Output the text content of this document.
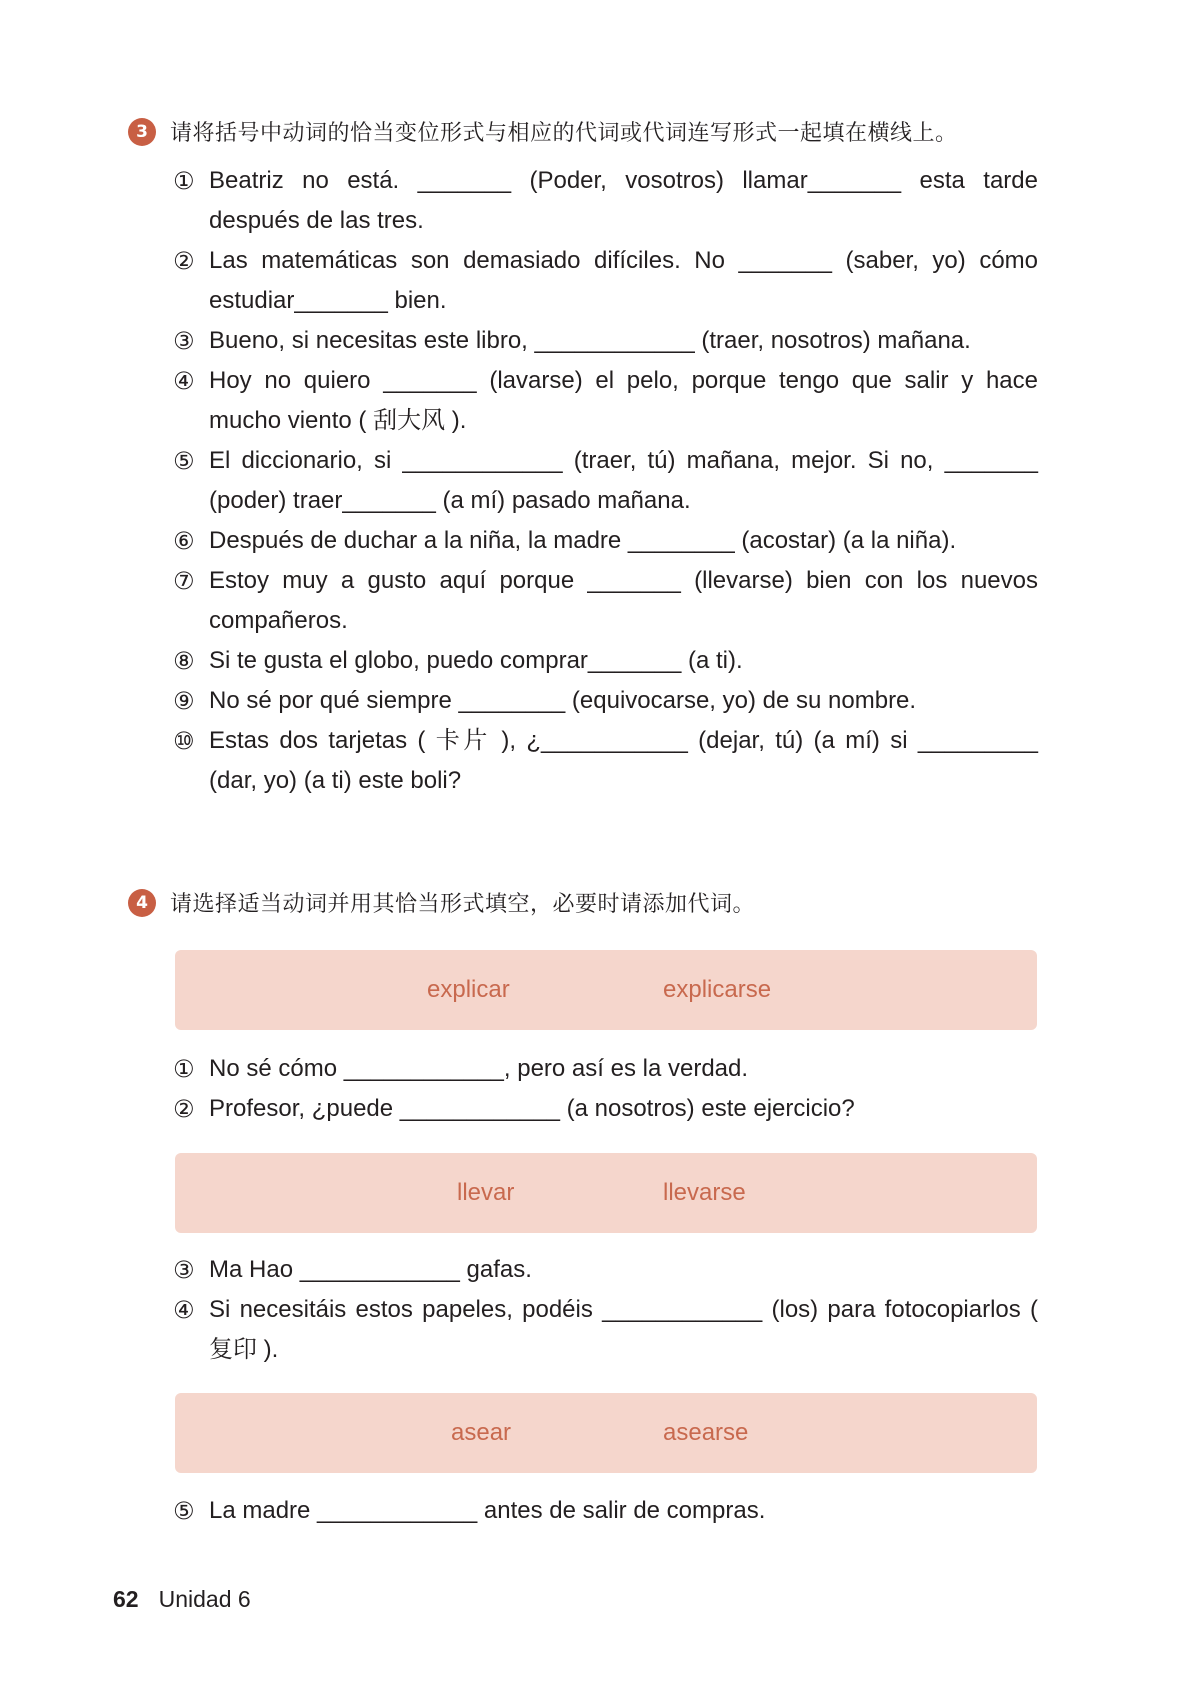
3	请将括号中动词的恰当变位形式与相应的代词或代词连写形式一起填在横线上。
① Beatriz no está. _______ (Poder, vosotros) llamar_______ esta tarde después de las tres.
② Las matemáticas son demasiado difíciles. No _______ (saber, yo) cómo estudiar_______ bien.
③ Bueno, si necesitas este libro, ____________ (traer, nosotros) mañana.
④ Hoy no quiero _______ (lavarse) el pelo, porque tengo que salir y hace mucho viento ( 刮大风 ).
⑤ El diccionario, si ____________ (traer, tú) mañana, mejor. Si no, _______ (poder) traer_______ (a mí) pasado mañana.
⑥ Después de duchar a la niña, la madre ________ (acostar) (a la niña).
⑦ Estoy muy a gusto aquí porque _______ (llevarse) bien con los nuevos compañeros.
⑧ Si te gusta el globo, puedo comprar_______ (a ti).
⑨ No sé por qué siempre ________ (equivocarse, yo) de su nombre.
⑩ Estas dos tarjetas ( 卡片 ), ¿___________ (dejar, tú) (a mí) si _________ (dar, yo) (a ti) este boli?
4	请选择适当动词并用其恰当形式填空，必要时请添加代词。
explicar	explicarse
① No sé cómo ____________, pero así es la verdad.
② Profesor, ¿puede ____________ (a nosotros) este ejercicio?
llevar	llevarse
③ Ma Hao ____________ gafas.
④ Si necesitáis estos papeles, podéis ____________ (los) para fotocopiarlos ( 复印 ).
asear	asearse
⑤ La madre ____________ antes de salir de compras.
62 Unidad 6
